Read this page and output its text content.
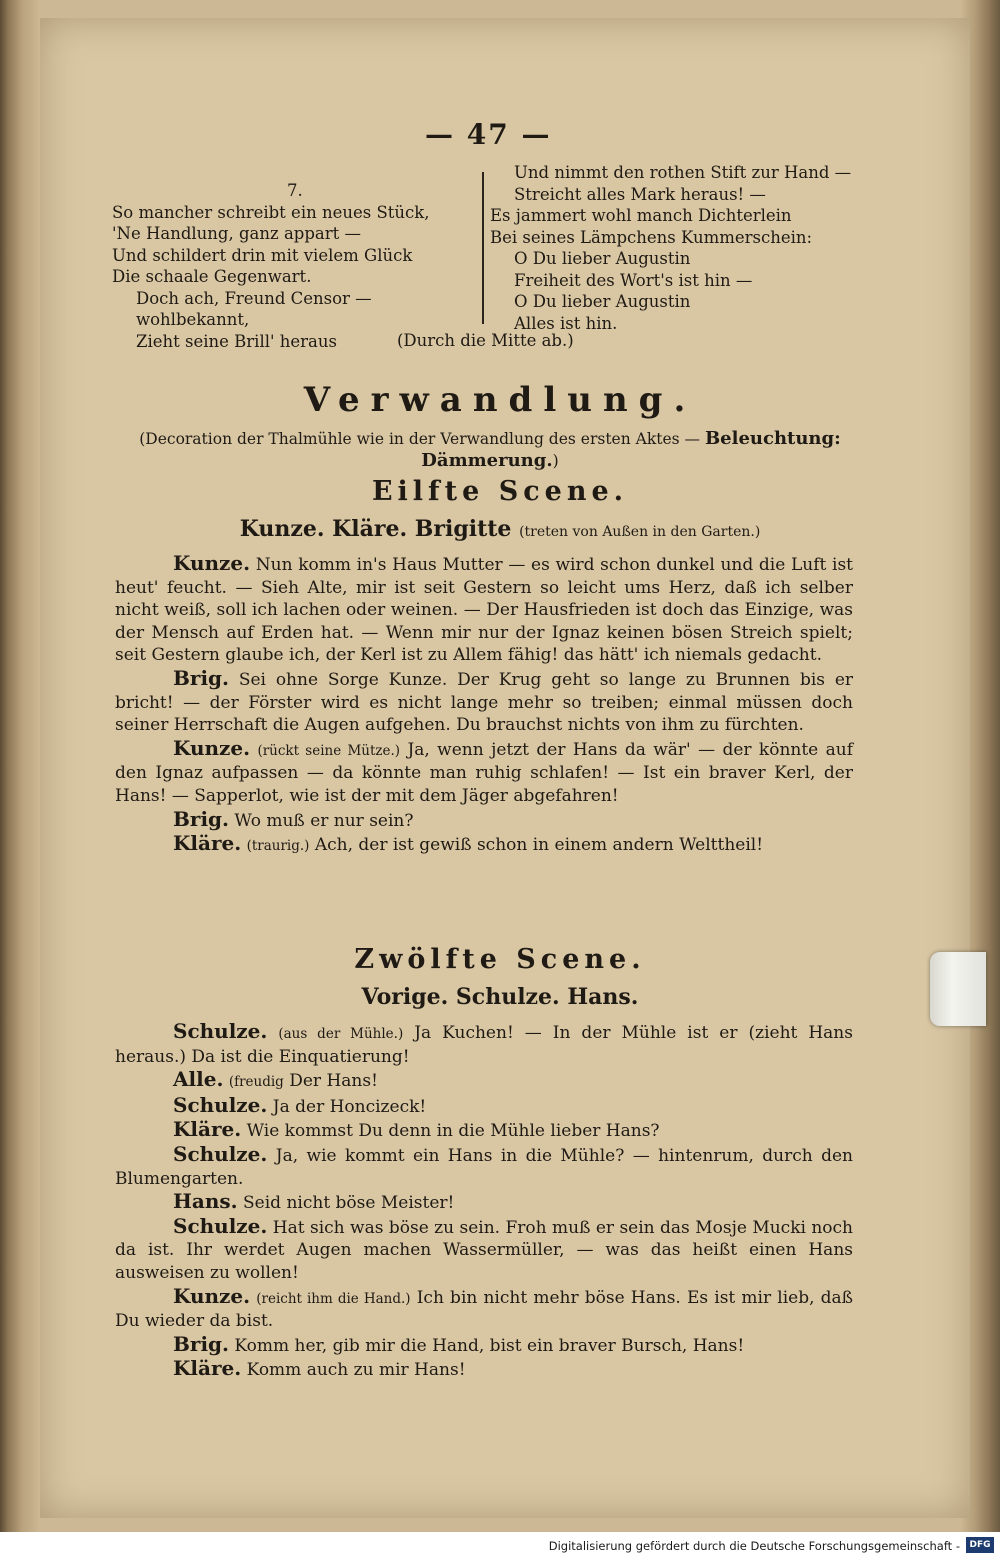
— 47 —
7.
So mancher schreibt ein neues Stück,
'Ne Handlung, ganz appart —
Und schildert drin mit vielem Glück
Die schaale Gegenwart.
Doch ach, Freund Censor — wohlbekannt,
Zieht seine Brill' heraus
Und nimmt den rothen Stift zur Hand —
Streicht alles Mark heraus! —
Es jammert wohl manch Dichterlein
Bei seines Lämpchens Kummerschein:
O Du lieber Augustin
Freiheit des Wort's ist hin —
O Du lieber Augustin
Alles ist hin.
(Durch die Mitte ab.)
Verwandlung.
(Decoration der Thalmühle wie in der Verwandlung des ersten Aktes — Beleuchtung: Dämmerung.)
Eilfte Scene.
Kunze. Kläre. Brigitte (treten von Außen in den Garten.)

Kunze. Nun komm in's Haus Mutter — es wird schon dunkel und die Luft ist heut' feucht. — Sieh Alte, mir ist seit Gestern so leicht ums Herz, daß ich selber nicht weiß, soll ich lachen oder weinen. — Der Hausfrieden ist doch das Einzige, was der Mensch auf Erden hat. — Wenn mir nur der Ignaz keinen bösen Streich spielt; seit Gestern glaube ich, der Kerl ist zu Allem fähig! das hätt' ich niemals gedacht.

Brig. Sei ohne Sorge Kunze. Der Krug geht so lange zu Brunnen bis er bricht! — der Förster wird es nicht lange mehr so treiben; einmal müssen doch seiner Herrschaft die Augen aufgehen. Du brauchst nichts von ihm zu fürchten.

Kunze. (rückt seine Mütze.) Ja, wenn jetzt der Hans da wär' — der könnte auf den Ignaz aufpassen — da könnte man ruhig schlafen! — Ist ein braver Kerl, der Hans! — Sapperlot, wie ist der mit dem Jäger abgefahren!

Brig. Wo muß er nur sein?

Kläre. (traurig.) Ach, der ist gewiß schon in einem andern Welttheil!

Zwölfte Scene.
Vorige. Schulze. Hans.

Schulze. (aus der Mühle.) Ja Kuchen! — In der Mühle ist er (zieht Hans heraus.) Da ist die Einquatierung!

Alle. (freudig Der Hans!

Schulze. Ja der Honcizeck!

Kläre. Wie kommst Du denn in die Mühle lieber Hans?

Schulze. Ja, wie kommt ein Hans in die Mühle? — hintenrum, durch den Blumengarten.

Hans. Seid nicht böse Meister!

Schulze. Hat sich was böse zu sein. Froh muß er sein das Mosje Mucki noch da ist. Ihr werdet Augen machen Wassermüller, — was das heißt einen Hans ausweisen zu wollen!

Kunze. (reicht ihm die Hand.) Ich bin nicht mehr böse Hans. Es ist mir lieb, daß Du wieder da bist.

Brig. Komm her, gib mir die Hand, bist ein braver Bursch, Hans!

Kläre. Komm auch zu mir Hans!

Digitalisierung gefördert durch die Deutsche Forschungsgemeinschaft -	DFG
